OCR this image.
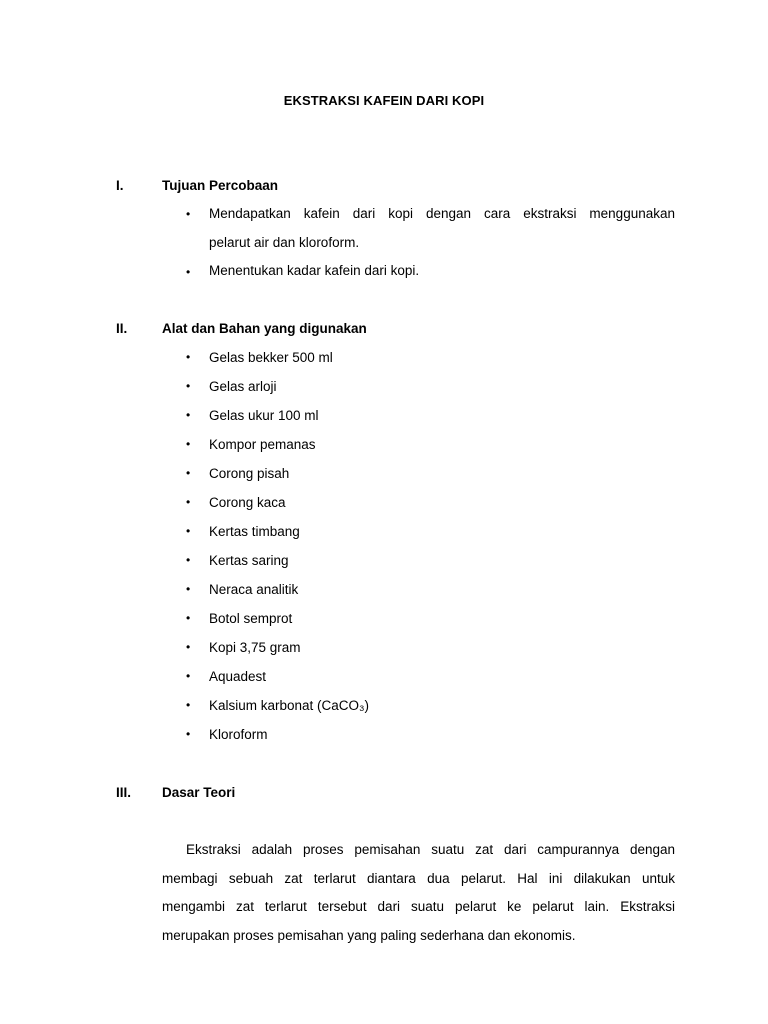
EKSTRAKSI KAFEIN DARI KOPI
I.	Tujuan Percobaan
• Mendapatkan kafein dari kopi dengan cara ekstraksi menggunakan
pelarut air dan kloroform.
• Menentukan kadar kafein dari kopi.
II.	Alat dan Bahan yang digunakan
• Gelas bekker 500 ml
• Gelas arloji
• Gelas ukur 100 ml
• Kompor pemanas
• Corong pisah
• Corong kaca
• Kertas timbang
• Kertas saring
• Neraca analitik
• Botol semprot
• Kopi 3,75 gram
• Aquadest
• Kalsium karbonat (CaCO₃)
• Kloroform
III. Dasar Teori
Ekstraksi adalah proses pemisahan suatu zat dari campurannya dengan
membagi sebuah zat terlarut diantara dua pelarut. Hal ini dilakukan untuk
mengambi zat terlarut tersebut dari suatu pelarut ke pelarut lain. Ekstraksi
merupakan proses pemisahan yang paling sederhana dan ekonomis.
